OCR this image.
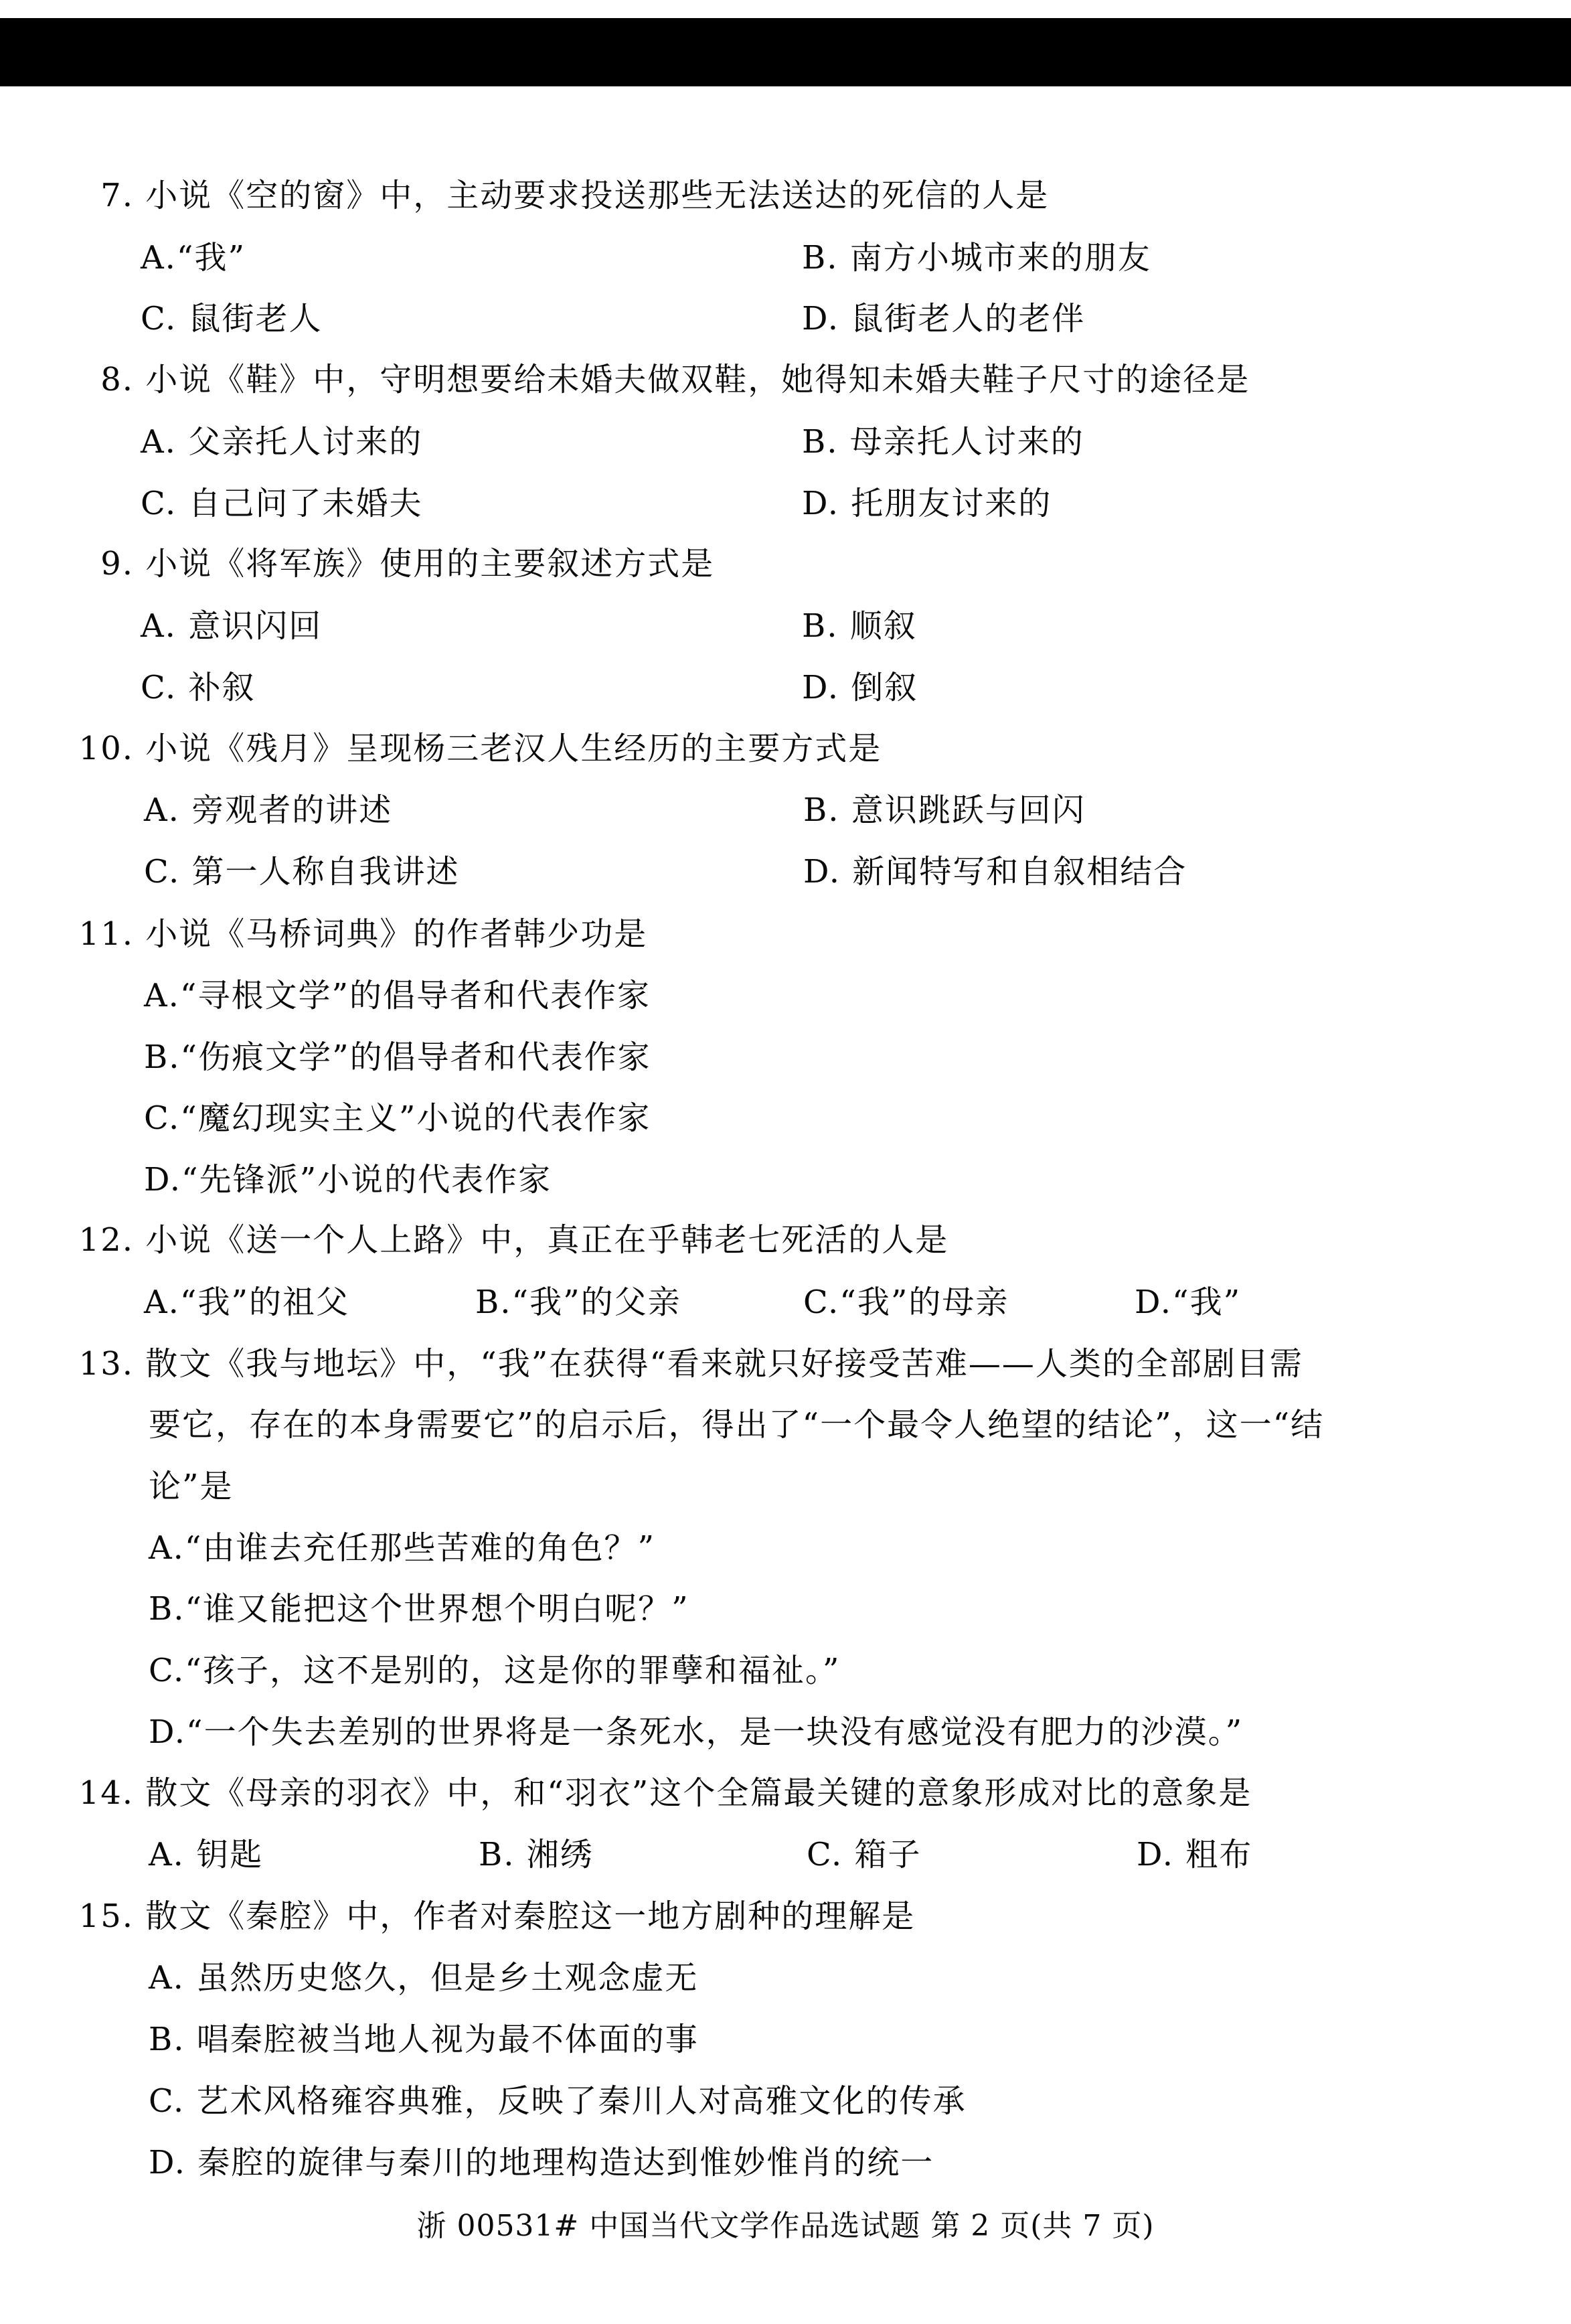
7. 小说《空的窗》中，主动要求投送那些无法送达的死信的人是
A.“我”	B. 南方小城市来的朋友
C. 鼠街老人	D. 鼠街老人的老伴
8. 小说《鞋》中，守明想要给未婚夫做双鞋，她得知未婚夫鞋子尺寸的途径是
A. 父亲托人讨来的	B. 母亲托人讨来的
C. 自己问了未婚夫	D. 托朋友讨来的
9. 小说《将军族》使用的主要叙述方式是
A. 意识闪回	B. 顺叙
C. 补叙	D. 倒叙
10. 小说《残月》呈现杨三老汉人生经历的主要方式是
A. 旁观者的讲述	B. 意识跳跃与回闪
C. 第一人称自我讲述	D. 新闻特写和自叙相结合
11. 小说《马桥词典》的作者韩少功是
A.“寻根文学”的倡导者和代表作家
B.“伤痕文学”的倡导者和代表作家
C.“魔幻现实主义”小说的代表作家
D.“先锋派”小说的代表作家
12. 小说《送一个人上路》中，真正在乎韩老七死活的人是
A.“我”的祖父	B.“我”的父亲	C.“我”的母亲	D.“我”
13. 散文《我与地坛》中，“我”在获得“看来就只好接受苦难——人类的全部剧目需
要它，存在的本身需要它”的启示后，得出了“一个最令人绝望的结论”，这一“结
论”是
A.“由谁去充任那些苦难的角色？”
B.“谁又能把这个世界想个明白呢？”
C.“孩子，这不是别的，这是你的罪孽和福祉。”
D.“一个失去差别的世界将是一条死水，是一块没有感觉没有肥力的沙漠。”
14. 散文《母亲的羽衣》中，和“羽衣”这个全篇最关键的意象形成对比的意象是
A. 钥匙	B. 湘绣	C. 箱子	D. 粗布
15. 散文《秦腔》中，作者对秦腔这一地方剧种的理解是
A. 虽然历史悠久，但是乡土观念虚无
B. 唱秦腔被当地人视为最不体面的事
C. 艺术风格雍容典雅，反映了秦川人对高雅文化的传承
D. 秦腔的旋律与秦川的地理构造达到惟妙惟肖的统一
浙 00531# 中国当代文学作品选试题 第 2 页(共 7 页)
